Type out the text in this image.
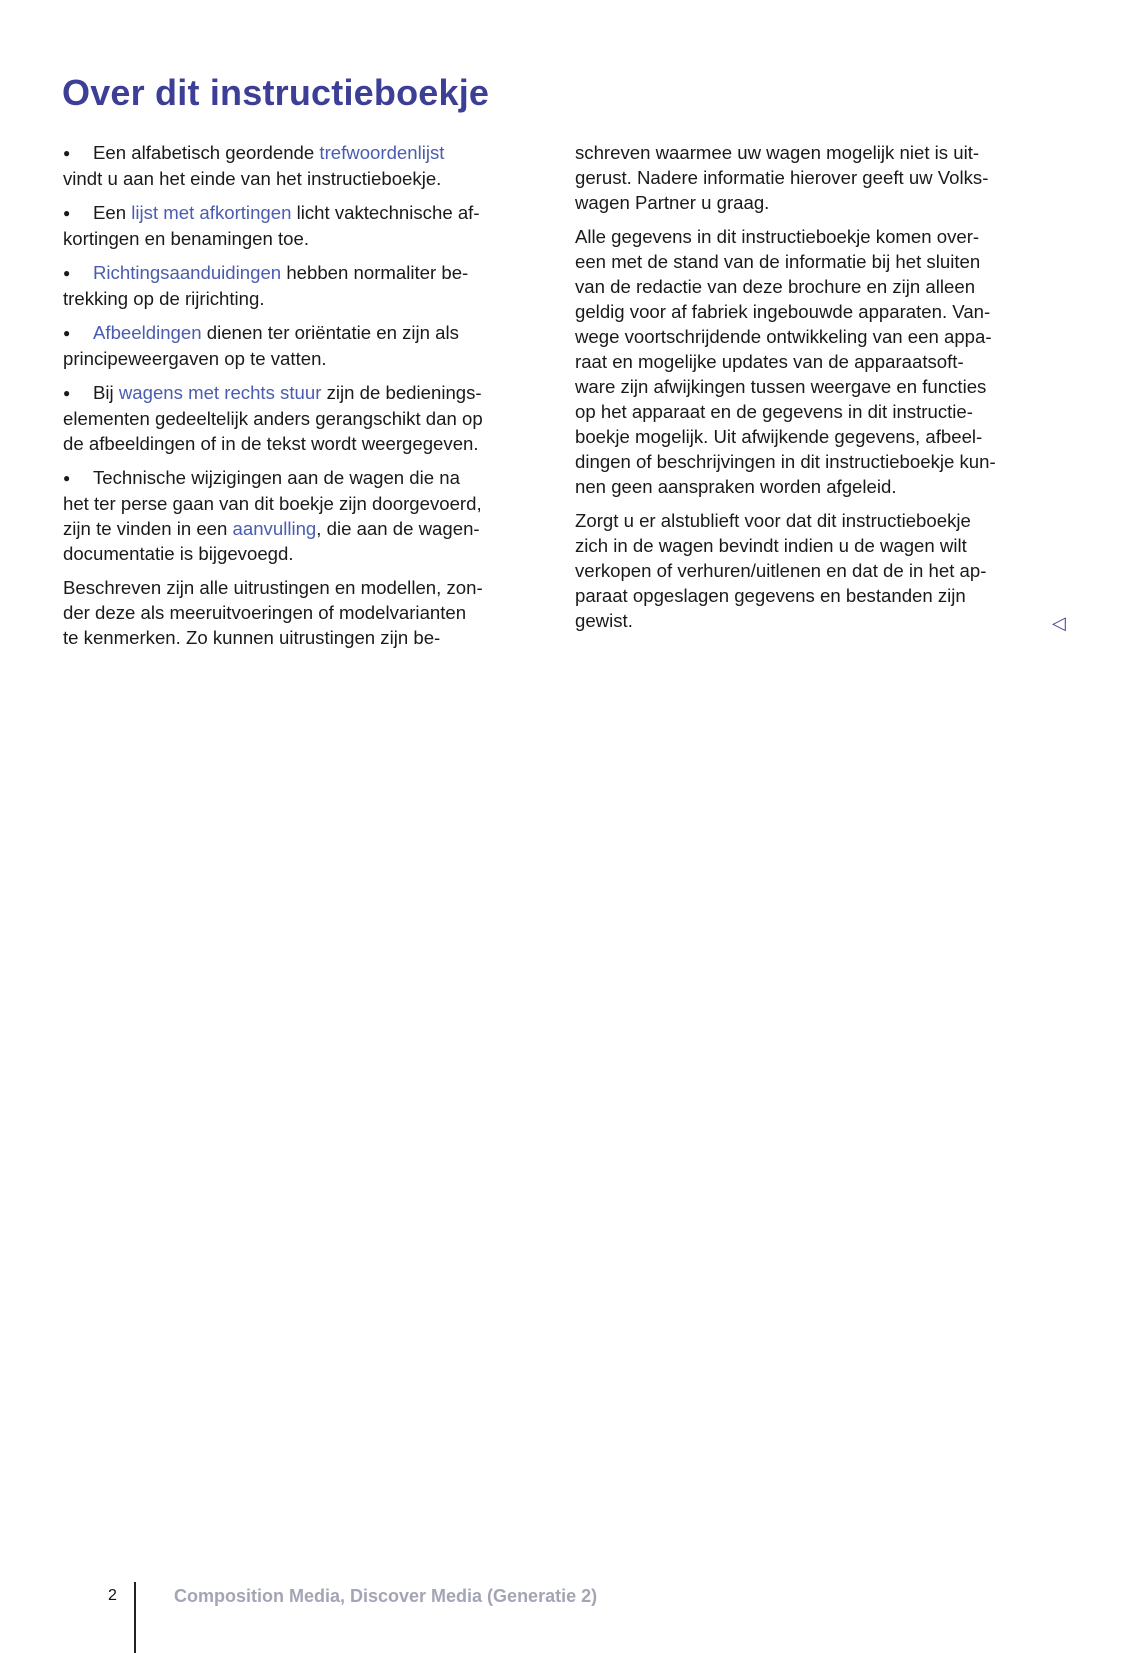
Over dit instructieboekje
● Een alfabetisch geordende trefwoordenlijst
vindt u aan het einde van het instructieboekje.
● Een lijst met afkortingen licht vaktechnische af-
kortingen en benamingen toe.
● Richtingsaanduidingen hebben normaliter be-
trekking op de rijrichting.
● Afbeeldingen dienen ter oriëntatie en zijn als
principeweergaven op te vatten.
● Bij wagens met rechts stuur zijn de bedienings-
elementen gedeeltelijk anders gerangschikt dan op
de afbeeldingen of in de tekst wordt weergegeven.
● Technische wijzigingen aan de wagen die na
het ter perse gaan van dit boekje zijn doorgevoerd,
zijn te vinden in een aanvulling, die aan de wagen-
documentatie is bijgevoegd.
Beschreven zijn alle uitrustingen en modellen, zon-
der deze als meeruitvoeringen of modelvarianten
te kenmerken. Zo kunnen uitrustingen zijn be-
schreven waarmee uw wagen mogelijk niet is uit-
gerust. Nadere informatie hierover geeft uw Volks-
wagen Partner u graag.
Alle gegevens in dit instructieboekje komen over-
een met de stand van de informatie bij het sluiten
van de redactie van deze brochure en zijn alleen
geldig voor af fabriek ingebouwde apparaten. Van-
wege voortschrijdende ontwikkeling van een appa-
raat en mogelijke updates van de apparaatsoft-
ware zijn afwijkingen tussen weergave en functies
op het apparaat en de gegevens in dit instructie-
boekje mogelijk. Uit afwijkende gegevens, afbeel-
dingen of beschrijvingen in dit instructieboekje kun-
nen geen aanspraken worden afgeleid.
Zorgt u er alstublieft voor dat dit instructieboekje
zich in de wagen bevindt indien u de wagen wilt
verkopen of verhuren/uitlenen en dat de in het ap-
paraat opgeslagen gegevens en bestanden zijn
gewist.	◁
2	Composition Media, Discover Media (Generatie 2)
